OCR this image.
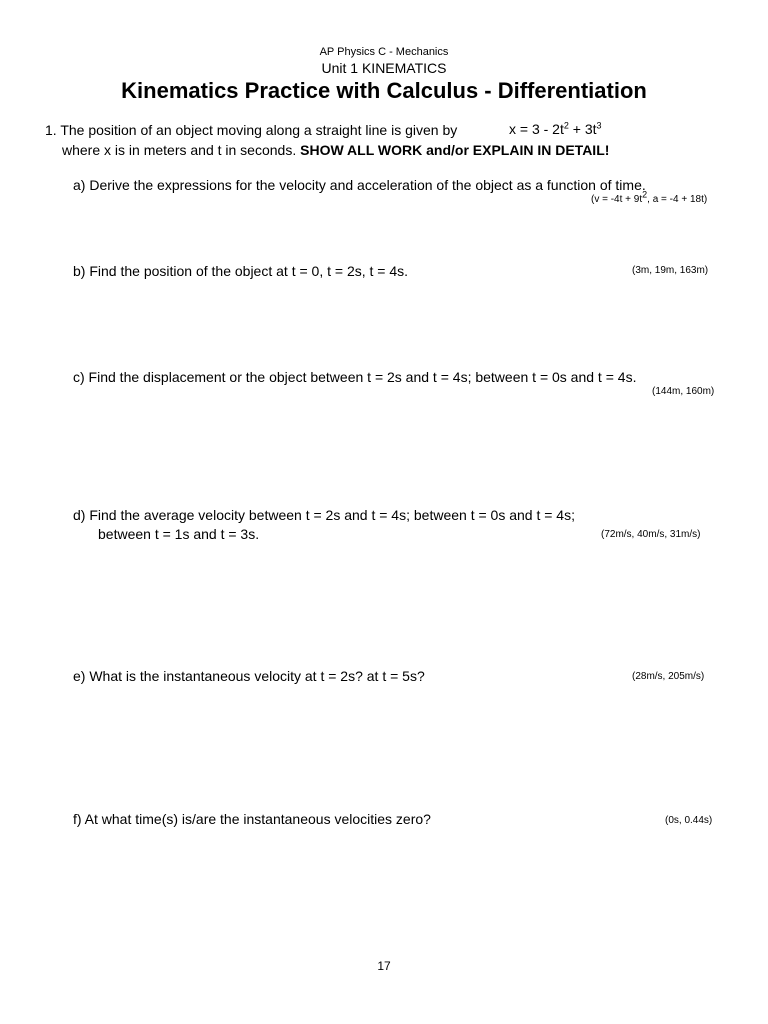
AP Physics C - Mechanics
Unit 1 KINEMATICS
Kinematics Practice with Calculus - Differentiation
1. The position of an object moving along a straight line is given by	$x = 3 - 2t^2 + 3t^3$
where x is in meters and t in seconds. SHOW ALL WORK and/or EXPLAIN IN DETAIL!
a) Derive the expressions for the velocity and acceleration of the object as a function of time.
($v = -4t + 9t^2$, a = -4 + 18t)
b) Find the position of the object at t = 0, t = 2s, t = 4s.	(3m, 19m, 163m)
c) Find the displacement or the object between t = 2s and t = 4s; between t = 0s and t = 4s.
(144m, 160m)
d) Find the average velocity between t = 2s and t = 4s; between t = 0s and t = 4s;
between t = 1s and t = 3s.	(72m/s, 40m/s, 31m/s)
e) What is the instantaneous velocity at t = 2s? at t = 5s?	(28m/s, 205m/s)
f) At what time(s) is/are the instantaneous velocities zero?	(0s, 0.44s)
17
